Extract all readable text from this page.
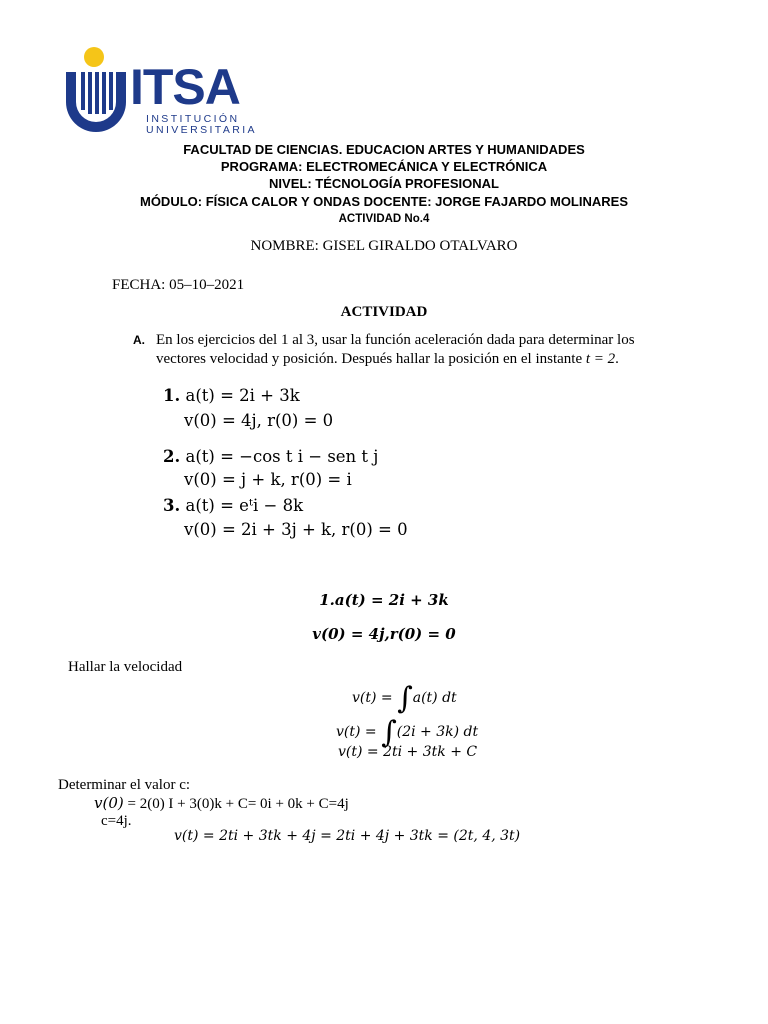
ITSA
INSTITUCIÓN
UNIVERSITARIA
FACULTAD DE CIENCIAS. EDUCACION ARTES Y HUMANIDADES
PROGRAMA: ELECTROMECÁNICA Y ELECTRÓNICA
NIVEL: TÉCNOLOGÍA PROFESIONAL
MÓDULO: FÍSICA CALOR Y ONDAS DOCENTE: JORGE FAJARDO MOLINARES
ACTIVIDAD No.4
NOMBRE: GISEL GIRALDO OTALVARO
FECHA: 05–10–2021
ACTIVIDAD
A. En los ejercicios del 1 al 3, usar la función aceleración dada para determinar los
vectores velocidad y posición. Después hallar la posición en el instante t = 2.
1. a(t) = 2i + 3k
v(0) = 4j, r(0) = 0
2. a(t) = −cos t i − sen t j
v(0) = j + k, r(0) = i
3. a(t) = eᵗi − 8k
v(0) = 2i + 3j + k, r(0) = 0
1.a(t) = 2i + 3k
v(0) = 4j,r(0) = 0
Hallar la velocidad
v(t) = ∫a(t) dt
v(t) = ∫(2i + 3k) dt
v(t) = 2ti + 3tk + C
Determinar el valor c:
v(0) = 2(0) I + 3(0)k + C= 0i + 0k + C=4j
c=4j.
v(t) = 2ti + 3tk + 4j = 2ti + 4j + 3tk = (2t, 4, 3t)
